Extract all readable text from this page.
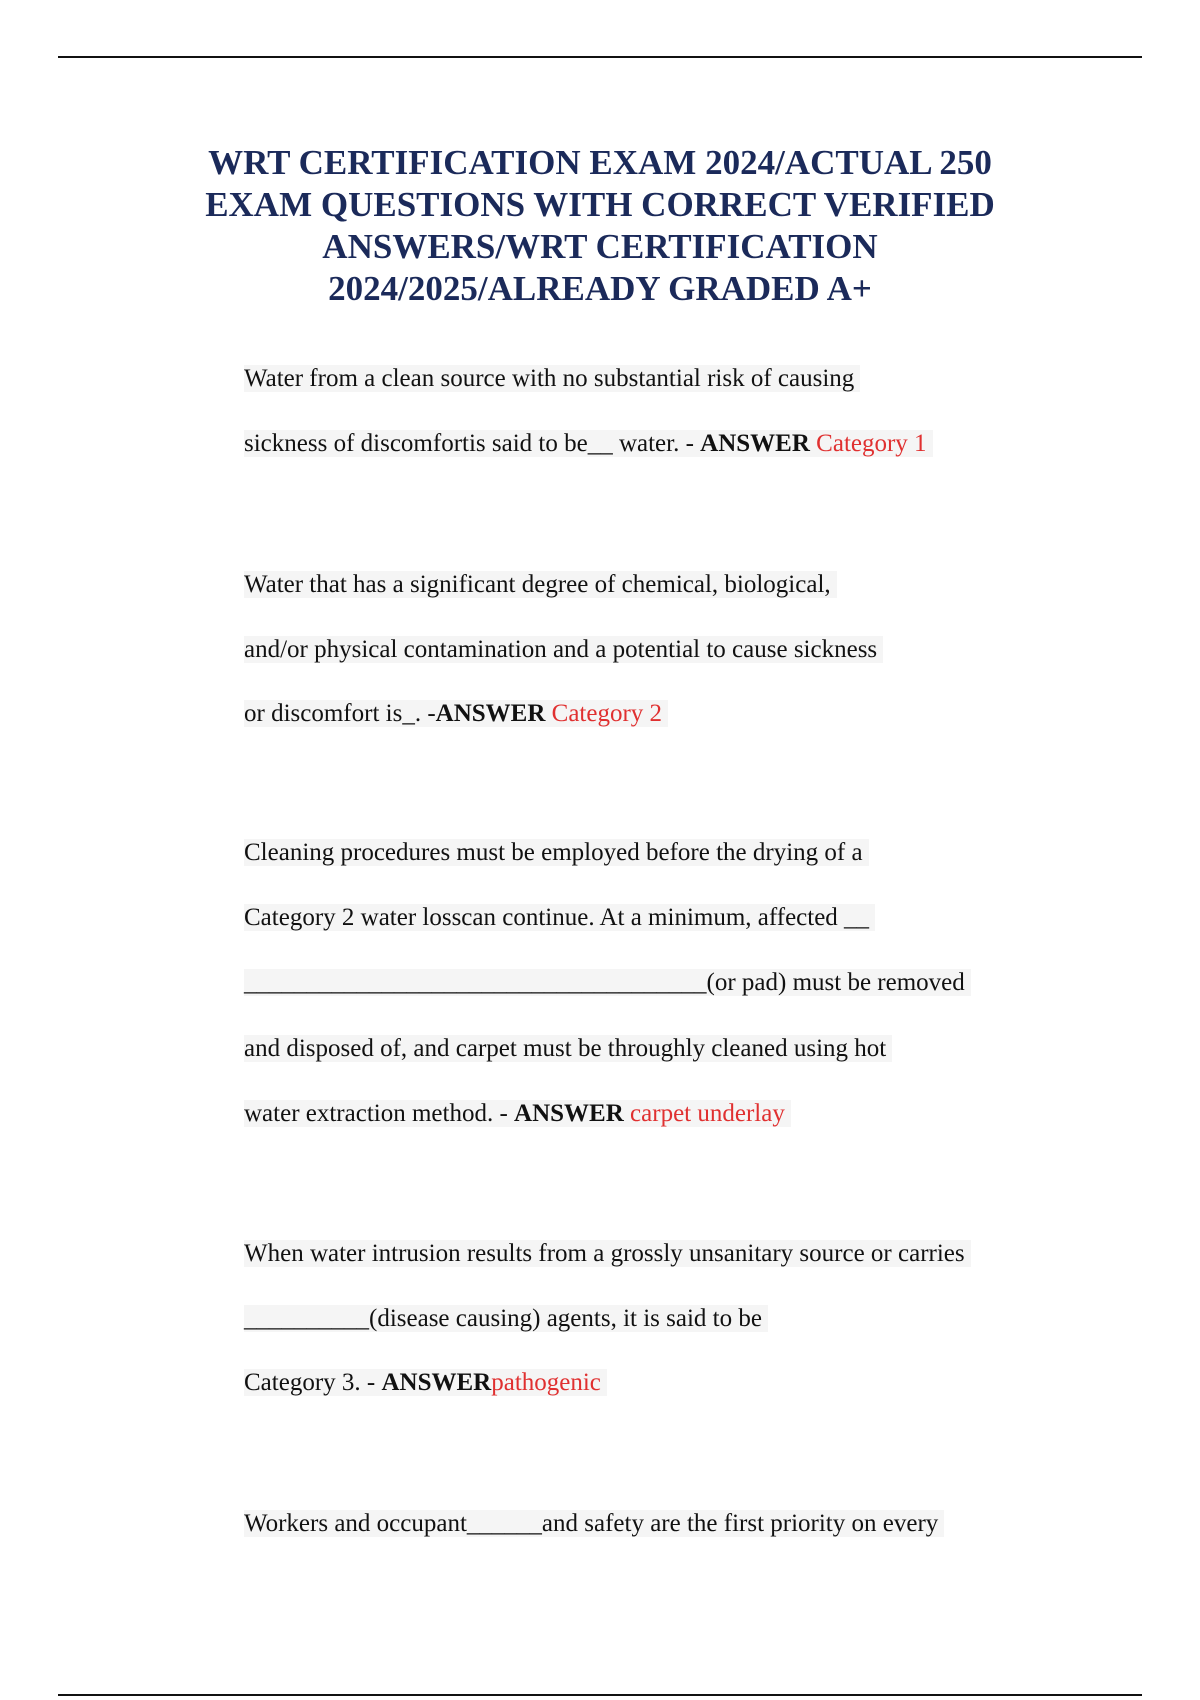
WRT CERTIFICATION EXAM 2024/ACTUAL 250
EXAM QUESTIONS WITH CORRECT VERIFIED
ANSWERS/WRT CERTIFICATION
2024/2025/ALREADY GRADED A+
Water from a clean source with no substantial risk of causing
sickness of discomfortis said to be__ water. - ANSWER Category 1
Water that has a significant degree of chemical, biological,
and/or physical contamination and a potential to cause sickness
or discomfort is_. -ANSWER Category 2
Cleaning procedures must be employed before the drying of a
Category 2 water losscan continue. At a minimum, affected __
_____________________________________(or pad) must be removed
and disposed of, and carpet must be throughly cleaned using hot
water extraction method. - ANSWER carpet underlay
When water intrusion results from a grossly unsanitary source or carries
__________(disease causing) agents, it is said to be
Category 3. - ANSWERpathogenic
Workers and occupant______and safety are the first priority on every
